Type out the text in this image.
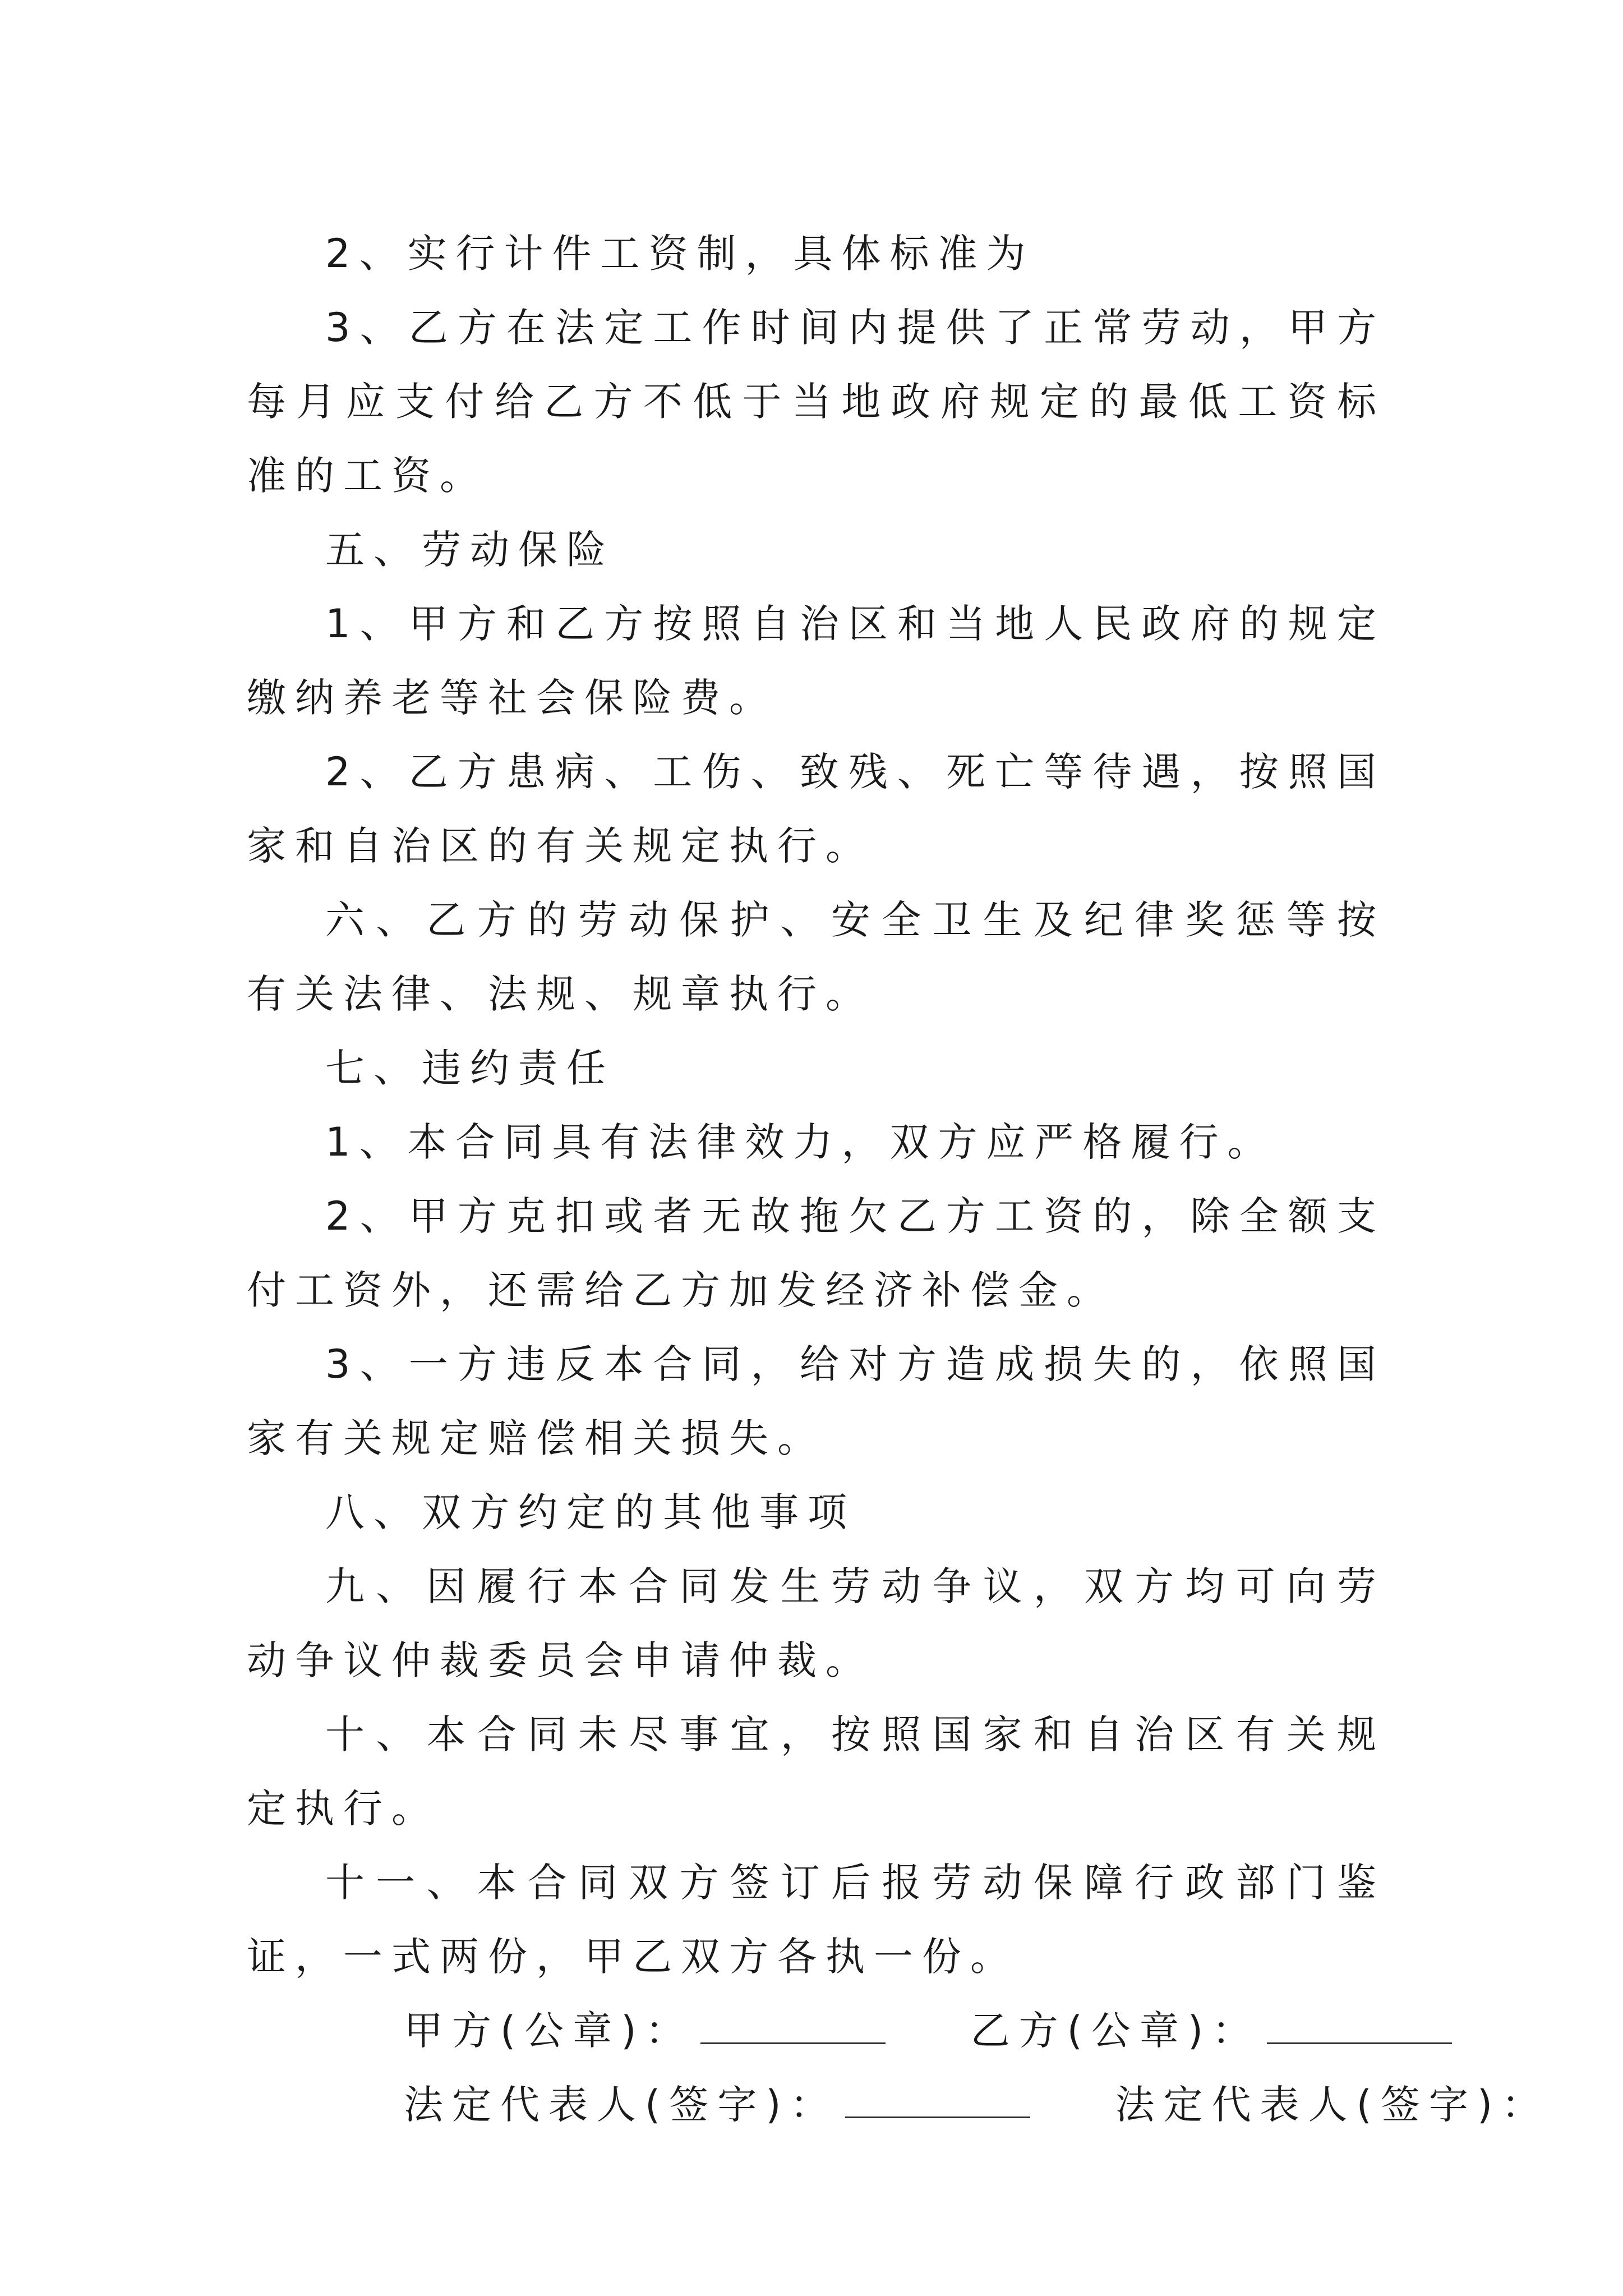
2、实行计件工资制，具体标准为

3、乙方在法定工作时间内提供了正常劳动，甲方每月应支付给乙方不低于当地政府规定的最低工资标准的工资。

五、劳动保险

1、甲方和乙方按照自治区和当地人民政府的规定缴纳养老等社会保险费。

2、乙方患病、工伤、致残、死亡等待遇，按照国家和自治区的有关规定执行。

六、乙方的劳动保护、安全卫生及纪律奖惩等按有关法律、法规、规章执行。

七、违约责任

1、本合同具有法律效力，双方应严格履行。

2、甲方克扣或者无故拖欠乙方工资的，除全额支付工资外，还需给乙方加发经济补偿金。

3、一方违反本合同，给对方造成损失的，依照国家有关规定赔偿相关损失。

八、双方约定的其他事项

九、因履行本合同发生劳动争议，双方均可向劳动争议仲裁委员会申请仲裁。

十、本合同未尽事宜，按照国家和自治区有关规定执行。

十一、本合同双方签订后报劳动保障行政部门鉴证，一式两份，甲乙双方各执一份。

甲方(公章)：	乙方(公章)：

法定代表人(签字)：	法定代表人(签字)：
